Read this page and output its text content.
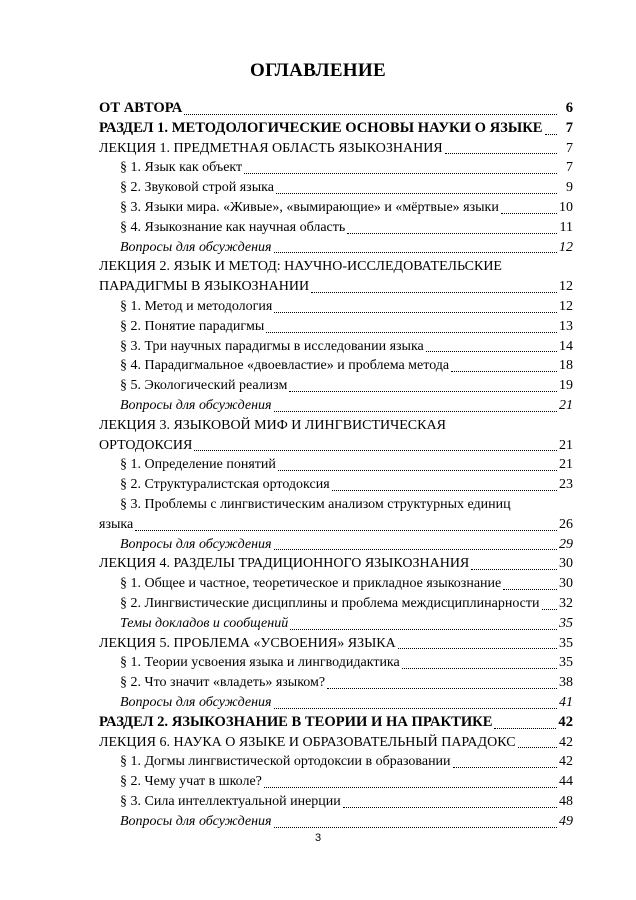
ОГЛАВЛЕНИЕ
ОТ АВТОРА	6
РАЗДЕЛ 1. МЕТОДОЛОГИЧЕСКИЕ ОСНОВЫ НАУКИ О ЯЗЫКЕ	7
ЛЕКЦИЯ 1. ПРЕДМЕТНАЯ ОБЛАСТЬ ЯЗЫКОЗНАНИЯ	7
§ 1. Язык как объект	7
§ 2. Звуковой строй языка	9
§ 3. Языки мира. «Живые», «вымирающие» и «мёртвые» языки	10
§ 4. Языкознание как научная область	11
Вопросы для обсуждения	12
ЛЕКЦИЯ 2. ЯЗЫК И МЕТОД: НАУЧНО-ИССЛЕДОВАТЕЛЬСКИЕ
ПАРАДИГМЫ В ЯЗЫКОЗНАНИИ	12
§ 1. Метод и методология	12
§ 2. Понятие парадигмы	13
§ 3. Три научных парадигмы в исследовании языка	14
§ 4. Парадигмальное «двоевластие» и проблема метода	18
§ 5. Экологический реализм	19
Вопросы для обсуждения	21
ЛЕКЦИЯ 3. ЯЗЫКОВОЙ МИФ И ЛИНГВИСТИЧЕСКАЯ
ОРТОДОКСИЯ	21
§ 1. Определение понятий	21
§ 2. Структуралистская ортодоксия	23
§ 3. Проблемы с лингвистическим анализом структурных единиц
языка	26
Вопросы для обсуждения	29
ЛЕКЦИЯ 4. РАЗДЕЛЫ ТРАДИЦИОННОГО ЯЗЫКОЗНАНИЯ	30
§ 1. Общее и частное, теоретическое и прикладное языкознание	30
§ 2. Лингвистические дисциплины и проблема междисциплинарности 32
Темы докладов и сообщений	35
ЛЕКЦИЯ 5. ПРОБЛЕМА «УСВОЕНИЯ» ЯЗЫКА	35
§ 1. Теории усвоения языка и лингводидактика	35
§ 2. Что значит «владеть» языком?	38
Вопросы для обсуждения	41
РАЗДЕЛ 2. ЯЗЫКОЗНАНИЕ В ТЕОРИИ И НА ПРАКТИКЕ	42
ЛЕКЦИЯ 6. НАУКА О ЯЗЫКЕ И ОБРАЗОВАТЕЛЬНЫЙ ПАРАДОКС	42
§ 1. Догмы лингвистической ортодоксии в образовании	42
§ 2. Чему учат в школе?	44
§ 3. Сила интеллектуальной инерции	48
Вопросы для обсуждения	49
3
